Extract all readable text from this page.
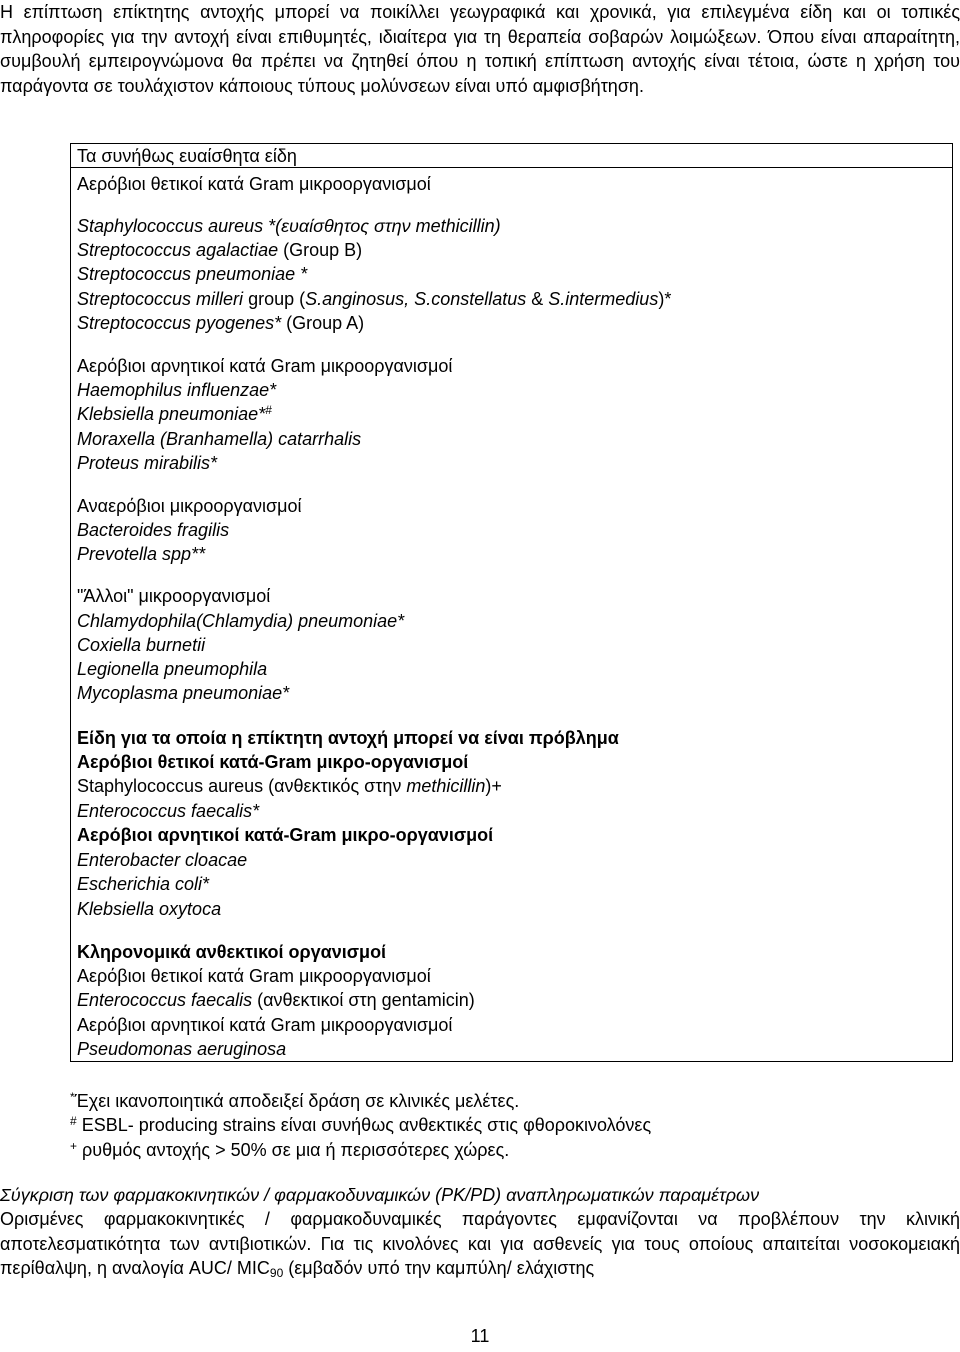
Η επίπτωση επίκτητης αντοχής μπορεί να ποικίλλει γεωγραφικά και χρονικά, για επιλεγμένα είδη και οι τοπικές πληροφορίες για την αντοχή είναι επιθυμητές, ιδιαίτερα για τη θεραπεία σοβαρών λοιμώξεων. Όπου είναι απαραίτητη, συμβουλή εμπειρογνώμονα θα πρέπει να ζητηθεί όπου η τοπική επίπτωση αντοχής είναι τέτοια, ώστε η χρήση του παράγοντα σε τουλάχιστον κάποιους τύπους μολύνσεων είναι υπό αμφισβήτηση.
Τα συνήθως ευαίσθητα είδη
Αερόβιοι θετικοί κατά Gram μικροοργανισμοί
Staphylococcus aureus *(ευαίσθητος στην methicillin)
Streptococcus agalactiae (Group B)
Streptococcus pneumoniae *
Streptococcus milleri group (S.anginosus, S.constellatus & S.intermedius)*
Streptococcus pyogenes* (Group A)
Αερόβιοι αρνητικοί κατά Gram μικροοργανισμοί
Haemophilus influenzae*
Klebsiella pneumoniae*#
Moraxella (Branhamella) catarrhalis
Proteus mirabilis*
Αναερόβιοι μικροοργανισμοί
Bacteroides fragilis
Prevotella spp**
"Άλλοι" μικροοργανισμοί
Chlamydophila(Chlamydia) pneumoniae*
Coxiella burnetii
Legionella pneumophila
Mycoplasma pneumoniae*
Είδη για τα οποία η επίκτητη αντοχή μπορεί να είναι πρόβλημα
Αερόβιοι θετικοί κατά-Gram μικρο-οργανισμοί
Staphylococcus aureus (ανθεκτικός στην methicillin)+
Enterococcus faecalis*
Αερόβιοι αρνητικοί κατά-Gram μικρο-οργανισμοί
Enterobacter cloacae
Escherichia coli*
Klebsiella oxytoca
Κληρονομικά ανθεκτικοί οργανισμοί
Αερόβιοι θετικοί κατά Gram μικροοργανισμοί
Enterococcus faecalis (ανθεκτικοί στη gentamicin)
Αερόβιοι αρνητικοί κατά Gram μικροοργανισμοί
Pseudomonas aeruginosa
*Έχει ικανοποιητικά αποδειξεί δράση σε κλινικές μελέτες.
# ESBL- producing strains είναι συνήθως ανθεκτικές στις φθοροκινολόνες
+ ρυθμός αντοχής > 50% σε μια ή περισσότερες χώρες.
Σύγκριση των φαρμακοκινητικών / φαρμακοδυναμικών (PK/PD) αναπληρωματικών παραμέτρων
Ορισμένες φαρμακοκινητικές / φαρμακοδυναμικές παράγοντες εμφανίζονται να προβλέπουν την κλινική αποτελεσματικότητα των αντιβιοτικών. Για τις κινολόνες και για ασθενείς για τους οποίους απαιτείται νοσοκομειακή περίθαλψη, η αναλογία AUC/ $MIC_{90}$ (εμβαδόν υπό την καμπύλη/ ελάχιστης
11
